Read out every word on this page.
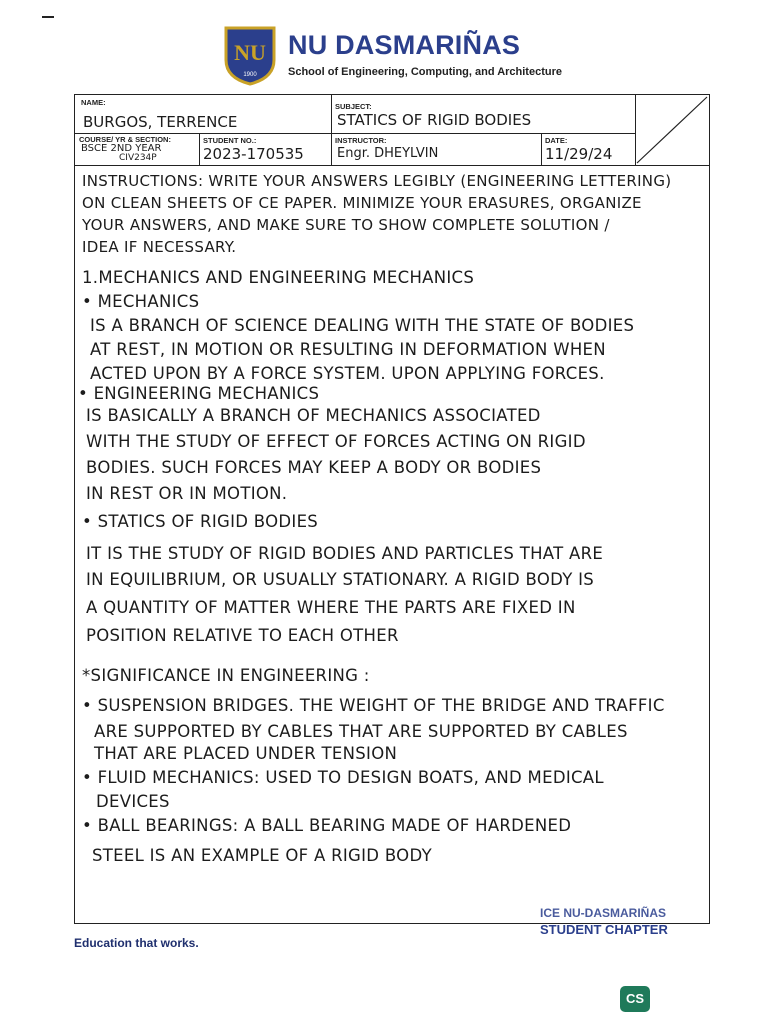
NU
1900
NU DASMARIÑAS
School of Engineering, Computing, and Architecture
NAME:
BURGOS, TERRENCE
SUBJECT:
STATICS OF RIGID BODIES
COURSE/ YR & SECTION:
BSCE 2ND YEAR
CIV234P
STUDENT NO.:
2023-170535
INSTRUCTOR:
Engr. DHEYLVIN
DATE:
11/29/24
INSTRUCTIONS: WRITE YOUR ANSWERS LEGIBLY (ENGINEERING LETTERING)
ON CLEAN SHEETS OF CE PAPER. MINIMIZE YOUR ERASURES, ORGANIZE
YOUR ANSWERS, AND MAKE SURE TO SHOW COMPLETE SOLUTION /
IDEA IF NECESSARY.
1.MECHANICS AND ENGINEERING MECHANICS
• MECHANICS
IS A BRANCH OF SCIENCE DEALING WITH THE STATE OF BODIES
AT REST, IN MOTION OR RESULTING IN DEFORMATION WHEN
ACTED UPON BY A FORCE SYSTEM. UPON APPLYING FORCES.
• ENGINEERING MECHANICS
IS BASICALLY A BRANCH OF MECHANICS ASSOCIATED
WITH THE STUDY OF EFFECT OF FORCES ACTING ON RIGID
BODIES. SUCH FORCES MAY KEEP A BODY OR BODIES
IN REST OR IN MOTION.
• STATICS OF RIGID BODIES
IT IS THE STUDY OF RIGID BODIES AND PARTICLES THAT ARE
IN EQUILIBRIUM, OR USUALLY STATIONARY. A RIGID BODY IS
A QUANTITY OF MATTER WHERE THE PARTS ARE FIXED IN
POSITION RELATIVE TO EACH OTHER
*SIGNIFICANCE IN ENGINEERING :
• SUSPENSION BRIDGES. THE WEIGHT OF THE BRIDGE AND TRAFFIC
ARE SUPPORTED BY CABLES THAT ARE SUPPORTED BY CABLES
THAT ARE PLACED UNDER TENSION
• FLUID MECHANICS: USED TO DESIGN BOATS, AND MEDICAL
DEVICES
• BALL BEARINGS: A BALL BEARING MADE OF HARDENED
STEEL IS AN EXAMPLE OF A RIGID BODY
Education that works.
ICE NU-DASMARIÑAS
STUDENT CHAPTER
CS
